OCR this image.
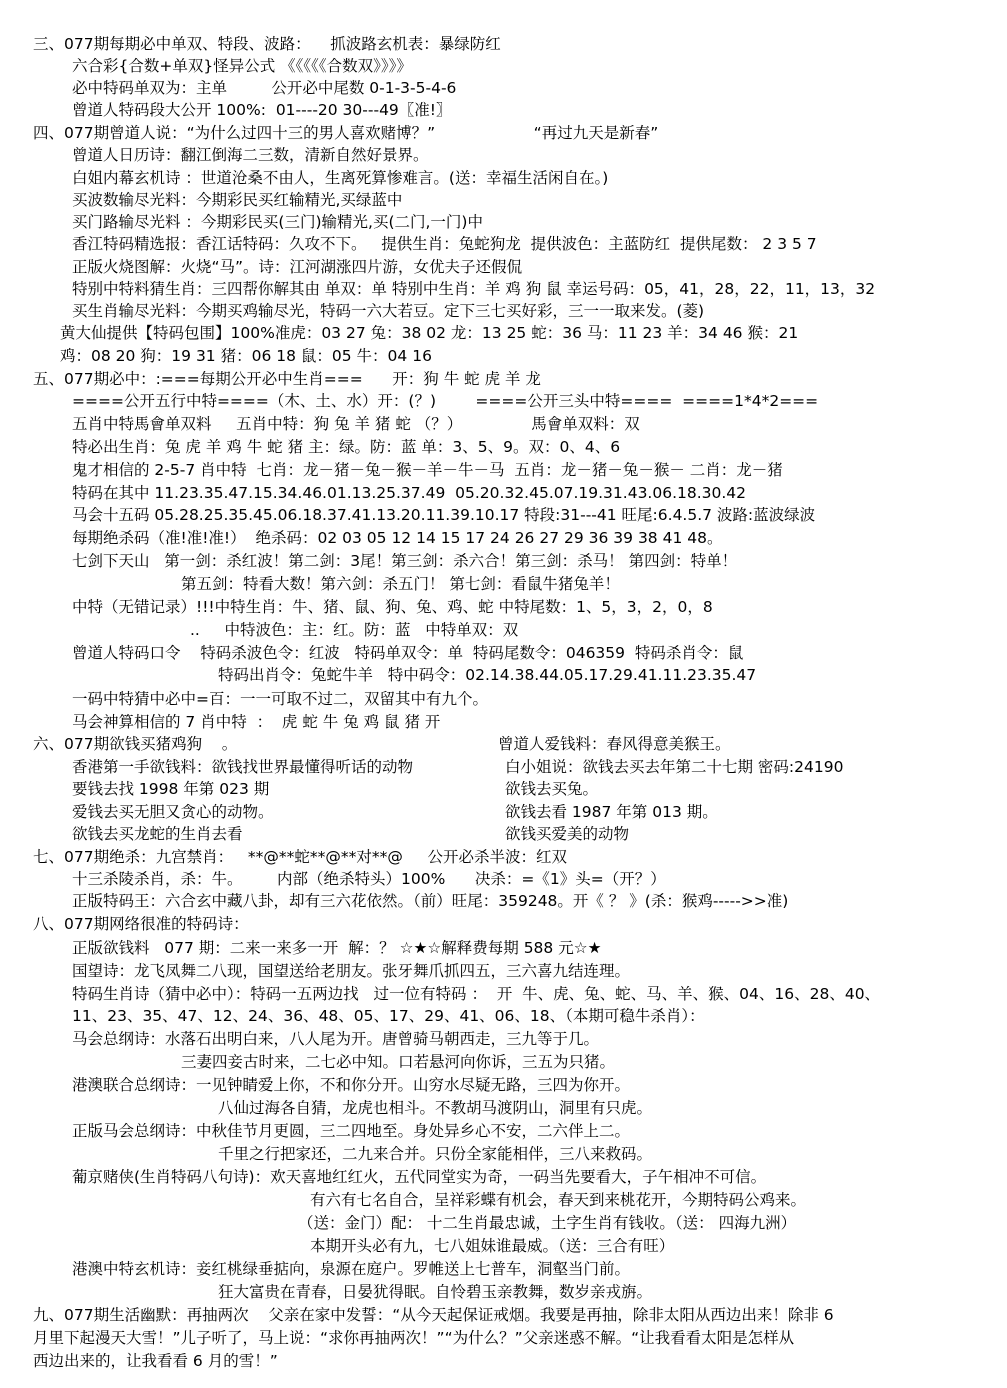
三、077期每期必中单双、特段、波路：    抓波路玄机表：暴绿防红
六合彩{合数+单双}怪异公式 《《《《《合数双》》》》
必中特码单双为：主单         公开必中尾数 0-1-3-5-4-6
曾道人特码段大公开 100%:  01----20 30---49〖准!〗
四、077期曾道人说：“为什么过四十三的男人喜欢赌博？”                    “再过九天是新春”
曾道人日历诗：翻江倒海二三数，清新自然好景界。
白姐内幕玄机诗 ：世道沧桑不由人，生离死算惨难言。(送：幸福生活闲自在。)
买波数输尽光料：今期彩民买红输精光,买绿蓝中
买门路输尽光料 ：今期彩民买(三门)输精光,买(二门,一门)中
香江特码精选报：香江话特码：久攻不下。   提供生肖：兔蛇狗龙  提供波色：主蓝防红  提供尾数： 2 3 5 7
正版火烧图解：火烧“马”。诗：江河湖涨四片游，女优夫子还假侃
特别中特料猜生肖：三四帮你解其由 单双：单 特别中生肖：羊 鸡 狗 鼠 幸运号码：05，41，28，22，11，13，32
买生肖输尽光料：今期买鸡输尽光，特码一六大若豆。定下三七买好彩，三一一取来发。(菱)
黄大仙提供【特码包围】100%准虎：03 27 兔：38 02 龙：13 25 蛇：36 马：11 23 羊：34 46 猴：21
鸡：08 20 狗：19 31 猪：06 18 鼠：05 牛：04 16
五、077期必中：:===每期公开必中生肖===      开：狗 牛 蛇 虎 羊 龙
====公开五行中特====（木、土、水）开：(？)        ====公开三头中特====  ====1*4*2===
五肖中特馬會单双料     五肖中特：狗 兔 羊 猪 蛇 （？）              馬會单双料：双
特必出生肖：兔 虎 羊 鸡 牛 蛇 猪 主：绿。防：蓝 单：3、5、9。双：0、4、6
鬼才相信的 2-5-7 肖中特  七肖：龙－猪－兔－猴－羊－牛－马  五肖：龙－猪－兔－猴－ 二肖：龙－猪
特码在其中 11.23.35.47.15.34.46.01.13.25.37.49  05.20.32.45.07.19.31.43.06.18.30.42
马会十五码 05.28.25.35.45.06.18.37.41.13.20.11.39.10.17 特段:31---41 旺尾:6.4.5.7 波路:蓝波绿波
每期绝杀码（准!准!准!）  绝杀码：02 03 05 12 14 15 17 24 26 27 29 36 39 38 41 48。
七剑下天山   第一剑：杀红波！第二剑：3尾！第三剑：杀六合！第三剑：杀马！ 第四剑：特单！
第五剑：特看大数！第六剑：杀五门！ 第七剑：看鼠牛猪兔羊！
中特（无错记录）!!!中特生肖：牛、猪、鼠、狗、兔、鸡、蛇 中特尾数：1、5，3，2，0，8
..     中特波色：主：红。防：蓝   中特单双：双
曾道人特码口令    特码杀波色令：红波   特码单双令：单  特码尾数令：046359  特码杀肖令：鼠
特码出肖令：兔蛇牛羊   特中码令：02.14.38.44.05.17.29.41.11.23.35.47
一码中特猜中必中=百：一一可取不过二，双留其中有九个。
马会神算相信的 7 肖中特  ：  虎 蛇 牛 兔 鸡 鼠 猪 开
六、077期欲钱买猪鸡狗    。	曾道人爱钱料：春风得意美猴王。
香港第一手欲钱料：欲钱找世界最懂得听话的动物	白小姐说：欲钱去买去年第二十七期 密码:24190
要钱去找 1998 年第 023 期	欲钱去买兔。
爱钱去买无胆又贪心的动物。	欲钱去看 1987 年第 013 期。
欲钱去买龙蛇的生肖去看	欲钱买爱美的动物
七、077期绝杀：九宫禁肖：   **@**蛇**@**对**@     公开必杀半波：红双
十三杀陵杀肖，杀：牛。       内部（绝杀特头）100%      决杀：=《1》头=（开？）
正版特码王：六合玄中藏八卦，却有三六花依然。（前）旺尾：359248。开《 ？ 》(杀：猴鸡----->>准)
八、077期网络很准的特码诗：
正版欲钱料   077 期：二来一来多一开  解：？ ☆★☆解释费每期 588 元☆★
国望诗：龙飞凤舞二八现，国望送给老朋友。张牙舞爪抓四五，三六喜九结连理。
特码生肖诗（猜中必中）：特码一五两边找   过一位有特码 ：  开  牛、虎、兔、蛇、马、羊、猴、04、16、28、40、
11、23、35、47、12、24、36、48、05、17、29、41、06、18、（本期可稳牛杀肖）：
马会总纲诗：水落石出明白来，八人尾为开。唐曾骑马朝西走，三九等于几。
三妻四妾古时来，二七必中知。口若悬河向你诉，三五为只猪。
港澳联合总纲诗：一见钟睛爱上你，不和你分开。山穷水尽疑无路，三四为你开。
八仙过海各自猜，龙虎也相斗。不教胡马渡阴山，洞里有只虎。
正版马会总纲诗：中秋佳节月更圆，三二四地至。身处异乡心不安，二六伴上二。
千里之行把家还，二九来合并。只份全家能相伴，三八来救码。
葡京赌侠(生肖特码八句诗)：欢天喜地红红火，五代同堂实为奇，一码当先要看大，子午相冲不可信。
有六有七名自合，呈祥彩蝶有机会，春天到来桃花开，今期特码公鸡来。
（送：金门）配： 十二生肖最忠诚，土字生肖有钱收。（送： 四海九洲）
本期开头必有九，七八姐妹谁最威。（送：三合有旺）
港澳中特玄机诗：妾红桃绿垂掂向，泉源在庭户。罗帷送上七普车，洞壑当门前。
狂大富贵在青春，日晏犹得眠。自怜碧玉亲教舞，数岁亲戎旃。
九、077期生活幽默：再抽两次    父亲在家中发誓：“从今天起保证戒烟。我要是再抽，除非太阳从西边出来！除非 6
月里下起漫天大雪！”儿子听了，马上说：“求你再抽两次！”“为什么？”父亲迷惑不解。“让我看看太阳是怎样从
西边出来的，让我看看 6 月的雪！”
